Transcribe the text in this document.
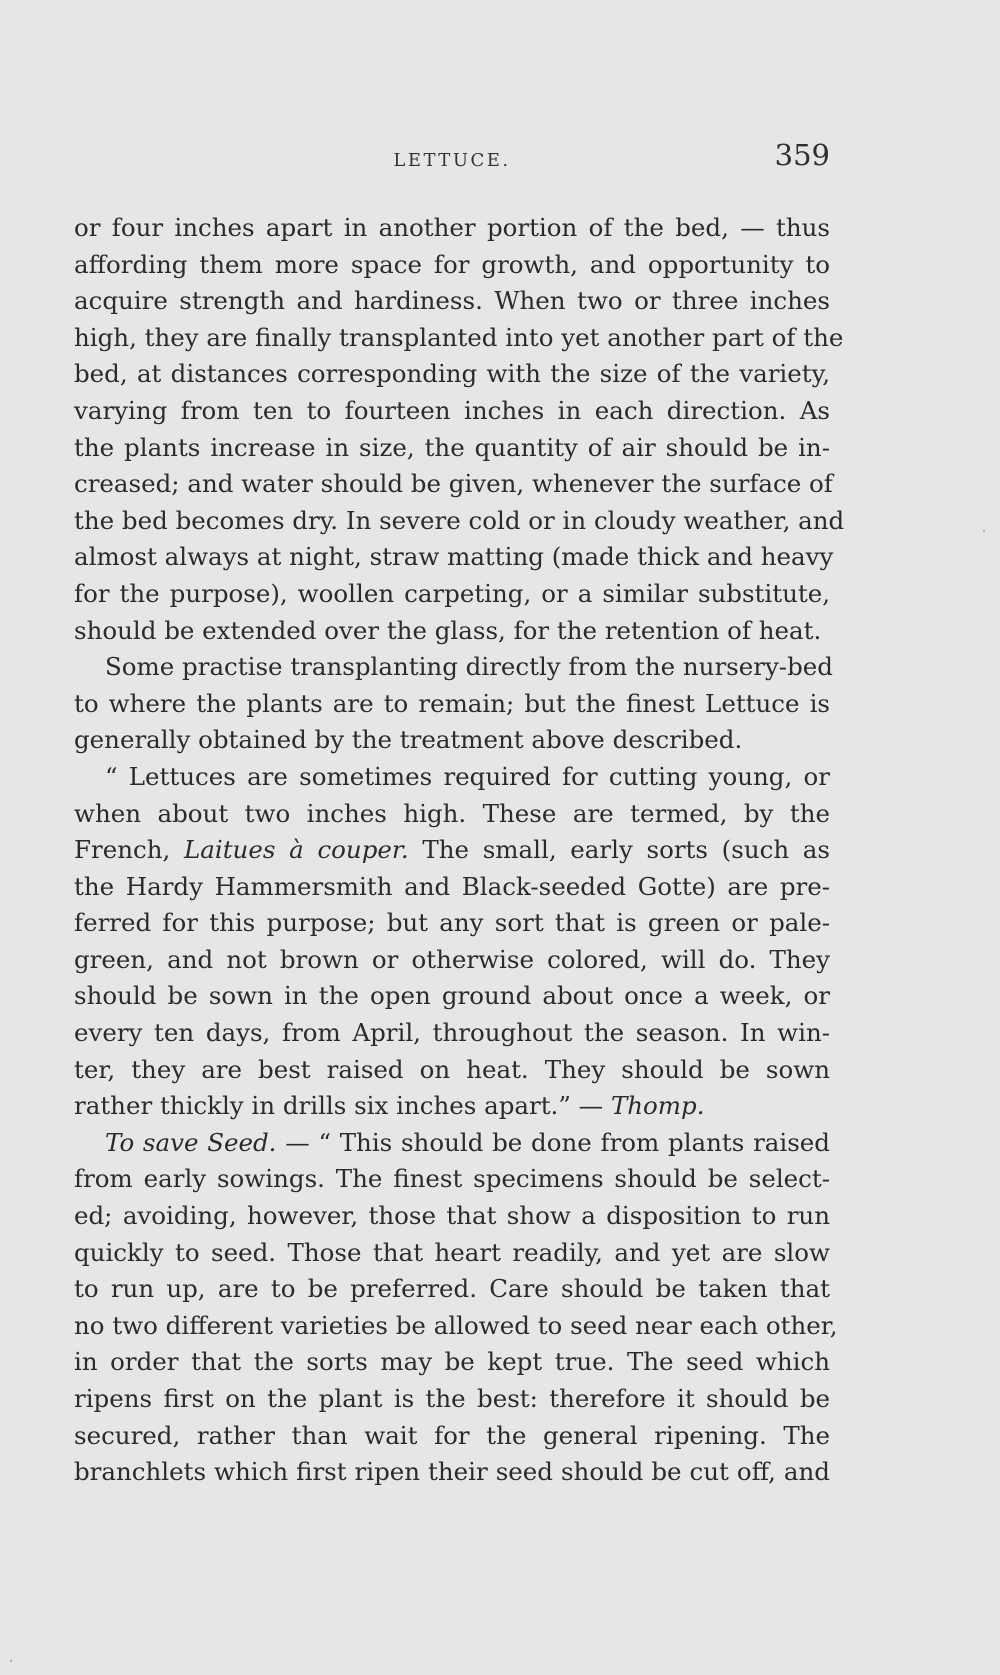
LETTUCE.	359
or four inches apart in another portion of the bed, — thus
affording them more space for growth, and opportunity to
acquire strength and hardiness. When two or three inches
high, they are finally transplanted into yet another part of the
bed, at distances corresponding with the size of the variety,
varying from ten to fourteen inches in each direction. As
the plants increase in size, the quantity of air should be in-
creased; and water should be given, whenever the surface of
the bed becomes dry. In severe cold or in cloudy weather, and
almost always at night, straw matting (made thick and heavy
for the purpose), woollen carpeting, or a similar substitute,
should be extended over the glass, for the retention of heat.
Some practise transplanting directly from the nursery-bed
to where the plants are to remain; but the finest Lettuce is
generally obtained by the treatment above described.
“ Lettuces are sometimes required for cutting young, or
when about two inches high. These are termed, by the
French, Laitues à couper. The small, early sorts (such as
the Hardy Hammersmith and Black-seeded Gotte) are pre-
ferred for this purpose; but any sort that is green or pale-
green, and not brown or otherwise colored, will do. They
should be sown in the open ground about once a week, or
every ten days, from April, throughout the season. In win-
ter, they are best raised on heat. They should be sown
rather thickly in drills six inches apart.” — Thomp.
To save Seed. — “ This should be done from plants raised
from early sowings. The finest specimens should be select-
ed; avoiding, however, those that show a disposition to run
quickly to seed. Those that heart readily, and yet are slow
to run up, are to be preferred. Care should be taken that
no two different varieties be allowed to seed near each other,
in order that the sorts may be kept true. The seed which
ripens first on the plant is the best: therefore it should be
secured, rather than wait for the general ripening. The
branchlets which first ripen their seed should be cut off, and
